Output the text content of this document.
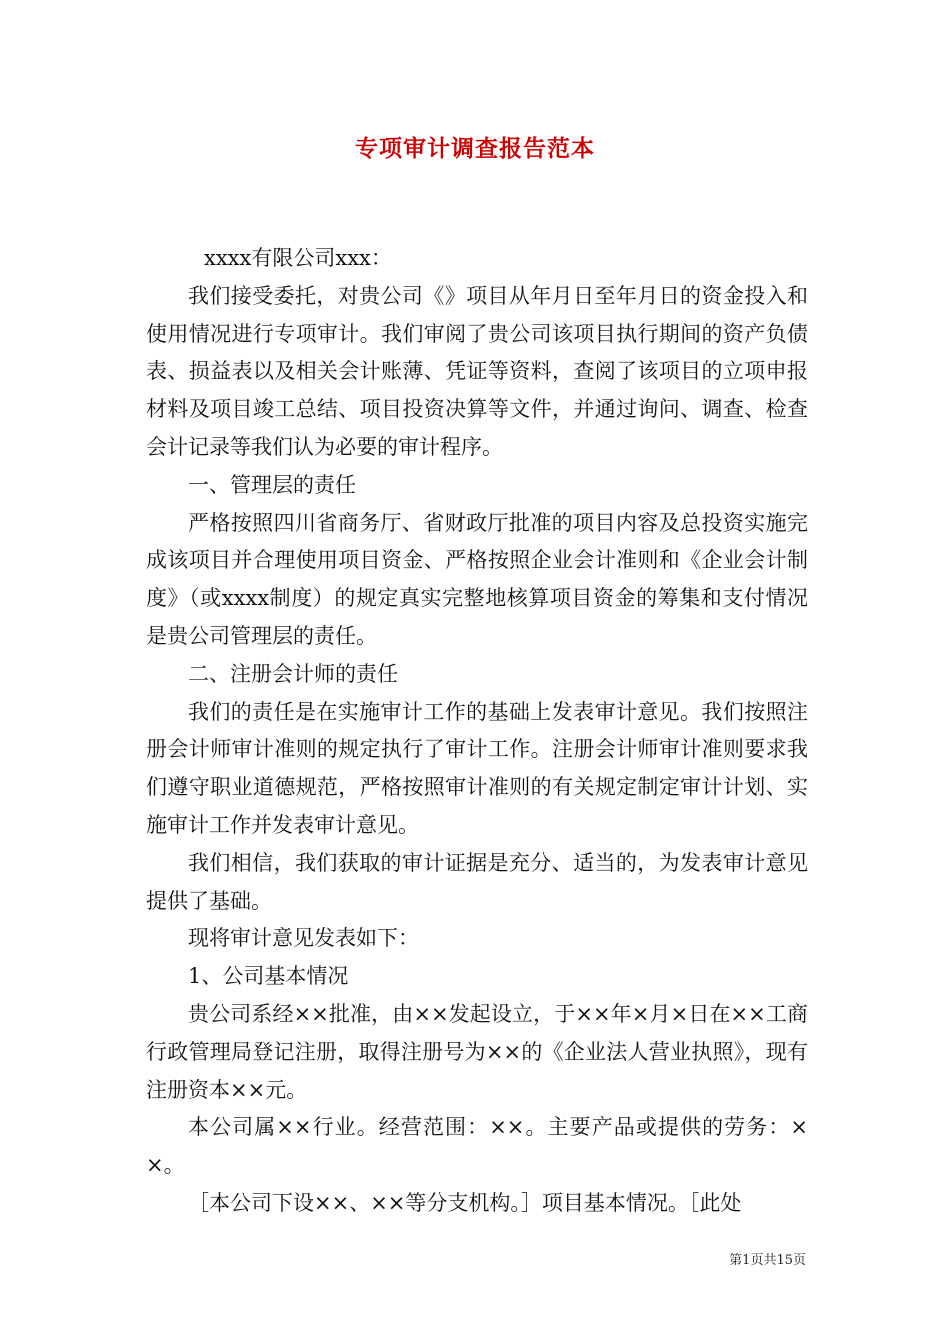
专项审计调查报告范本

xxxx有限公司xxx：

我们接受委托，对贵公司《》项目从年月日至年月日的资金投入和使用情况进行专项审计。我们审阅了贵公司该项目执行期间的资产负债表、损益表以及相关会计账薄、凭证等资料，查阅了该项目的立项申报材料及项目竣工总结、项目投资决算等文件，并通过询问、调查、检查会计记录等我们认为必要的审计程序。

一、管理层的责任

严格按照四川省商务厅、省财政厅批准的项目内容及总投资实施完成该项目并合理使用项目资金、严格按照企业会计准则和《企业会计制度》（或xxxx制度）的规定真实完整地核算项目资金的筹集和支付情况是贵公司管理层的责任。

二、注册会计师的责任

我们的责任是在实施审计工作的基础上发表审计意见。我们按照注册会计师审计准则的规定执行了审计工作。注册会计师审计准则要求我们遵守职业道德规范，严格按照审计准则的有关规定制定审计计划、实施审计工作并发表审计意见。

我们相信，我们获取的审计证据是充分、适当的，为发表审计意见提供了基础。

现将审计意见发表如下：

1、公司基本情况

贵公司系经××批准，由××发起设立，于××年×月×日在××工商行政管理局登记注册，取得注册号为××的《企业法人营业执照》，现有注册资本××元。

本公司属××行业。经营范围：××。主要产品或提供的劳务：××。

［本公司下设××、××等分支机构。］项目基本情况。［此处

第1页共15页
